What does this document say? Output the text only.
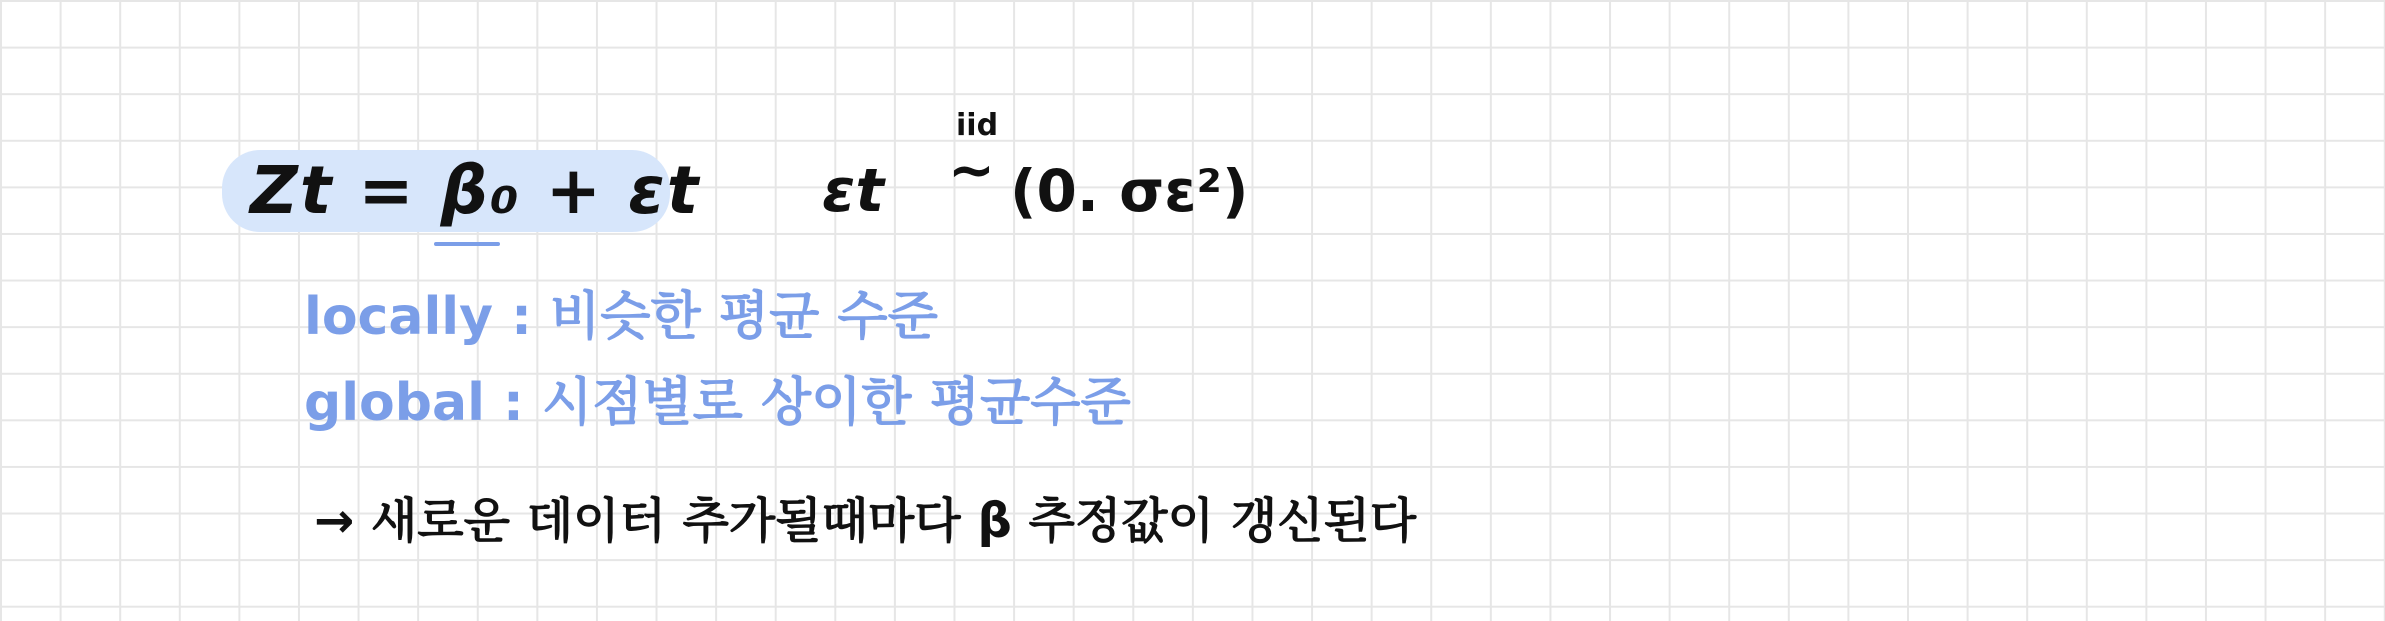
Zt = β₀ + εt εt
iid
~ (0. σε²)
locally : 비슷한 평균 수준
global : 시점별로 상이한 평균수준
→ 새로운 데이터 추가될때마다 β 추정값이 갱신된다
